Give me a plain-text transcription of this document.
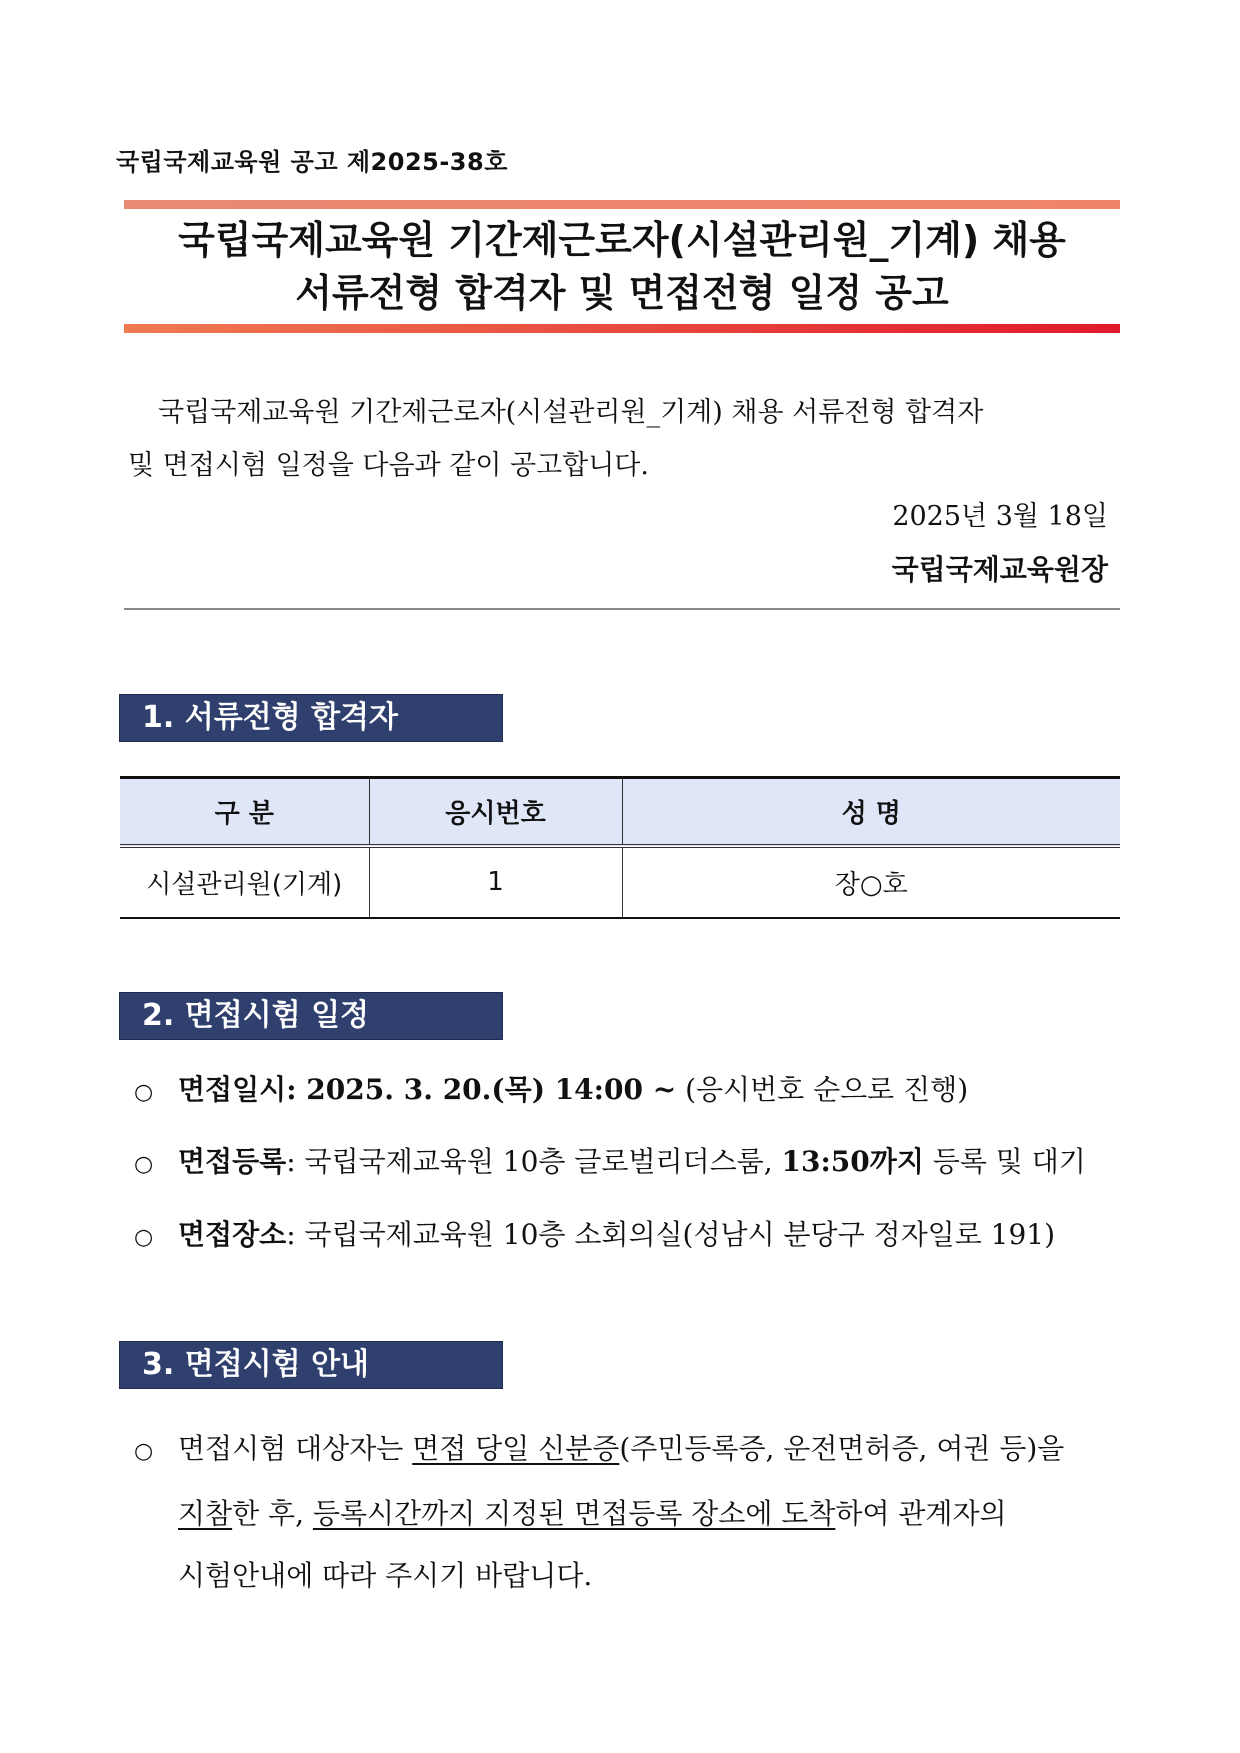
국립국제교육원 공고 제2025-38호
국립국제교육원 기간제근로자(시설관리원_기계) 채용
서류전형 합격자 및 면접전형 일정 공고
국립국제교육원 기간제근로자(시설관리원_기계) 채용 서류전형 합격자
및 면접시험 일정을 다음과 같이 공고합니다.
2025년 3월 18일
국립국제교육원장
1. 서류전형 합격자
구 분	응시번호	성 명
시설관리원(기계)	1	장○호
2. 면접시험 일정
○ 면접일시: 2025. 3. 20.(목) 14:00 ~ (응시번호 순으로 진행)
○ 면접등록: 국립국제교육원 10층 글로벌리더스룸, 13:50까지 등록 및 대기
○ 면접장소: 국립국제교육원 10층 소회의실(성남시 분당구 정자일로 191)
3. 면접시험 안내
○ 면접시험 대상자는 면접 당일 신분증(주민등록증, 운전면허증, 여권 등)을
지참한 후, 등록시간까지 지정된 면접등록 장소에 도착하여 관계자의
시험안내에 따라 주시기 바랍니다.
